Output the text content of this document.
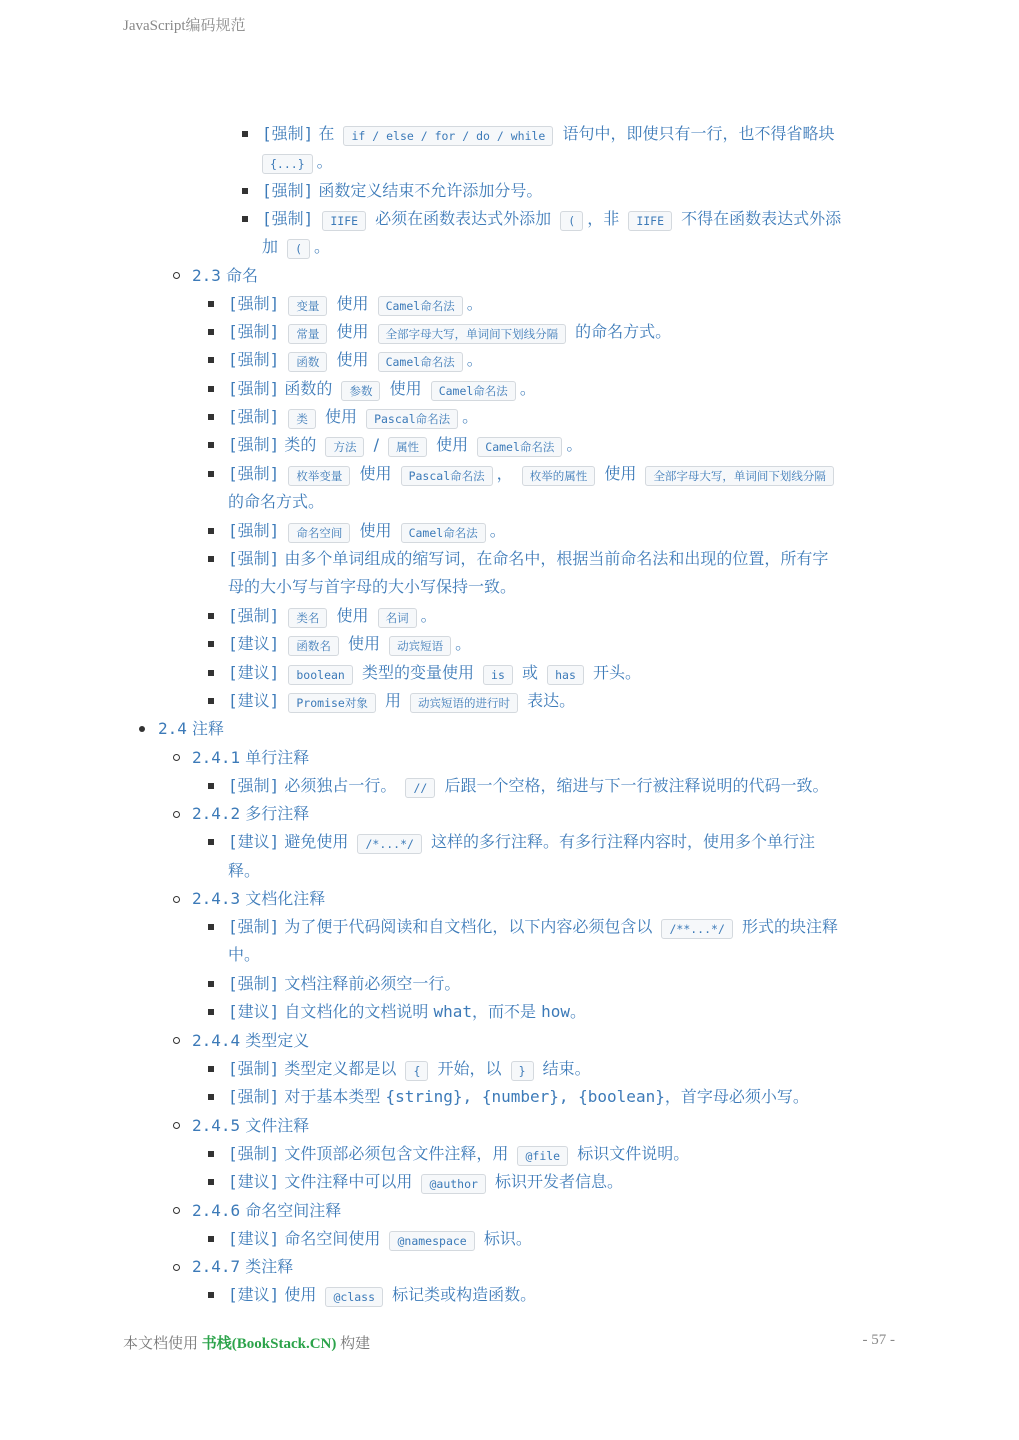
JavaScript编码规范
[强制] 在 if / else / for / do / while 语句中，即使只有一行，也不得省略块
{...} 。
[强制] 函数定义结束不允许添加分号。
[强制] IIFE 必须在函数表达式外添加 ( ，非 IIFE 不得在函数表达式外添
加 ( 。
2.3 命名
[强制] 变量 使用 Camel命名法 。
[强制] 常量 使用 全部字母大写，单词间下划线分隔 的命名方式。
[强制] 函数 使用 Camel命名法 。
[强制] 函数的 参数 使用 Camel命名法 。
[强制] 类 使用 Pascal命名法 。
[强制] 类的 方法 / 属性 使用 Camel命名法 。
[强制] 枚举变量 使用 Pascal命名法 ， 枚举的属性 使用 全部字母大写，单词间下划线分隔
的命名方式。
[强制] 命名空间 使用 Camel命名法 。
[强制] 由多个单词组成的缩写词，在命名中，根据当前命名法和出现的位置，所有字
母的大小写与首字母的大小写保持一致。
[强制] 类名 使用 名词 。
[建议] 函数名 使用 动宾短语 。
[建议] boolean 类型的变量使用 is 或 has 开头。
[建议] Promise对象 用 动宾短语的进行时 表达。
2.4 注释
2.4.1 单行注释
[强制] 必须独占一行。 // 后跟一个空格，缩进与下一行被注释说明的代码一致。
2.4.2 多行注释
[建议] 避免使用 /*...*/ 这样的多行注释。有多行注释内容时，使用多个单行注
释。
2.4.3 文档化注释
[强制] 为了便于代码阅读和自文档化，以下内容必须包含以 /**...*/ 形式的块注释
中。
[强制] 文档注释前必须空一行。
[建议] 自文档化的文档说明 what，而不是 how。
2.4.4 类型定义
[强制] 类型定义都是以 { 开始，以 } 结束。
[强制] 对于基本类型 {string}, {number}, {boolean}，首字母必须小写。
2.4.5 文件注释
[强制] 文件顶部必须包含文件注释，用 @file 标识文件说明。
[建议] 文件注释中可以用 @author 标识开发者信息。
2.4.6 命名空间注释
[建议] 命名空间使用 @namespace 标识。
2.4.7 类注释
[建议] 使用 @class 标记类或构造函数。
本文档使用 书栈(BookStack.CN) 构建	- 57 -
